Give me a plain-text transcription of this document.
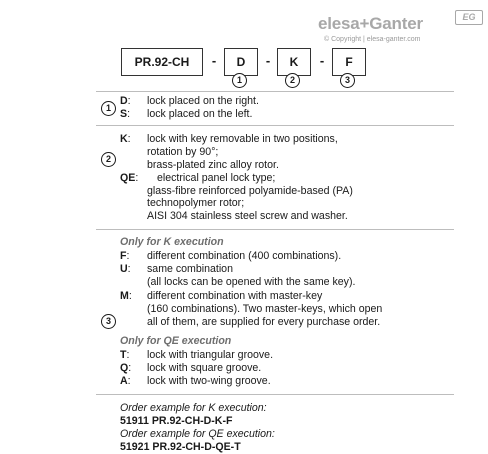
elesa+Ganter	EG
© Copyright | elesa-ganter.com
PR.92-CH	-	D	-	K	-	F
1	2	3
1
D: lock placed on the right.
S: lock placed on the left.
2
K: lock with key removable in two positions,
rotation by 90°;
brass-plated zinc alloy rotor.
QE: electrical panel lock type;
glass-fibre reinforced polyamide-based (PA)
technopolymer rotor;
AISI 304 stainless steel screw and washer.
3
Only for K execution
F: different combination (400 combinations).
U: same combination
(all locks can be opened with the same key).
M: different combination with master-key
(160 combinations). Two master-keys, which open
all of them, are supplied for every purchase order.
Only for QE execution
T: lock with triangular groove.
Q: lock with square groove.
A: lock with two-wing groove.
Order example for K execution:
51911 PR.92-CH-D-K-F
Order example for QE execution:
51921 PR.92-CH-D-QE-T
